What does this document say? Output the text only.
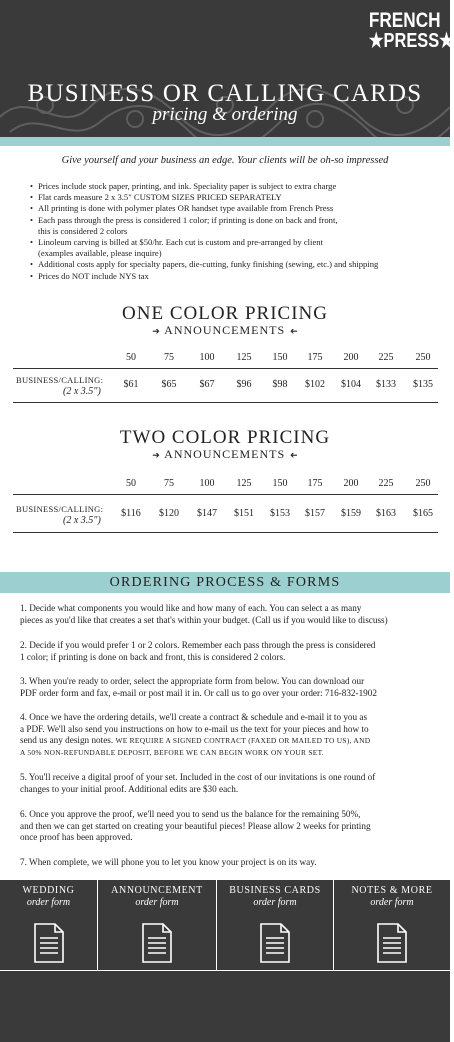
FRENCH
★PRESS★
BUSINESS OR CALLING CARDS
pricing & ordering
Give yourself and your business an edge. Your clients will be oh-so impressed
• Prices include stock paper, printing, and ink. Speciality paper is subject to extra charge
• Flat cards measure 2 x 3.5" CUSTOM SIZES PRICED SEPARATELY
• All printing is done with polymer plates OR handset type available from French Press
• Each pass through the press is considered 1 color; if printing is done on back and front,
this is considered 2 colors
• Linoleum carving is billed at $50/hr. Each cut is custom and pre-arranged by client
(examples available, please inquire)
• Additional costs apply for specialty papers, die-cutting, funky finishing (sewing, etc.) and shipping
• Prices do NOT include NYS tax
ONE COLOR PRICING
➔ ANNOUNCEMENTS ➔
50	75	100	125	150	175	200	225	250
BUSINESS/CALLING:
(2 x 3.5")
$61	$65	$67	$96	$98	$102	$104	$133	$135
TWO COLOR PRICING
➔ ANNOUNCEMENTS ➔
50	75	100	125	150	175	200	225	250
BUSINESS/CALLING:
(2 x 3.5")
$116	$120	$147	$151	$153	$157	$159	$163	$165
ORDERING PROCESS & FORMS
1. Decide what components you would like and how many of each. You can select a as many
pieces as you'd like that creates a set that's within your budget. (Call us if you would like to discuss)
2. Decide if you would prefer 1 or 2 colors. Remember each pass through the press is considered
1 color; if printing is done on back and front, this is considered 2 colors.
3. When you're ready to order, select the appropriate form from below. You can download our
PDF order form and fax, e-mail or post mail it in. Or call us to go over your order: 716-832-1902
4. Once we have the ordering details, we'll create a contract & schedule and e-mail it to you as
a PDF. We'll also send you instructions on how to e-mail us the text for your pieces and how to
send us any design notes. WE REQUIRE A SIGNED CONTRACT (FAXED OR MAILED TO US), AND
A 50% NON-REFUNDABLE DEPOSIT, BEFORE WE CAN BEGIN WORK ON YOUR SET.
5. You'll receive a digital proof of your set. Included in the cost of our invitations is one round of
changes to your initial proof. Additional edits are $30 each.
6. Once you approve the proof, we'll need you to send us the balance for the remaining 50%,
and then we can get started on creating your beautiful pieces! Please allow 2 weeks for printing
once proof has been approved.
7. When complete, we will phone you to let you know your project is on its way.
WEDDING
order form
ANNOUNCEMENT
order form
BUSINESS CARDS
order form
NOTES & MORE
order form
